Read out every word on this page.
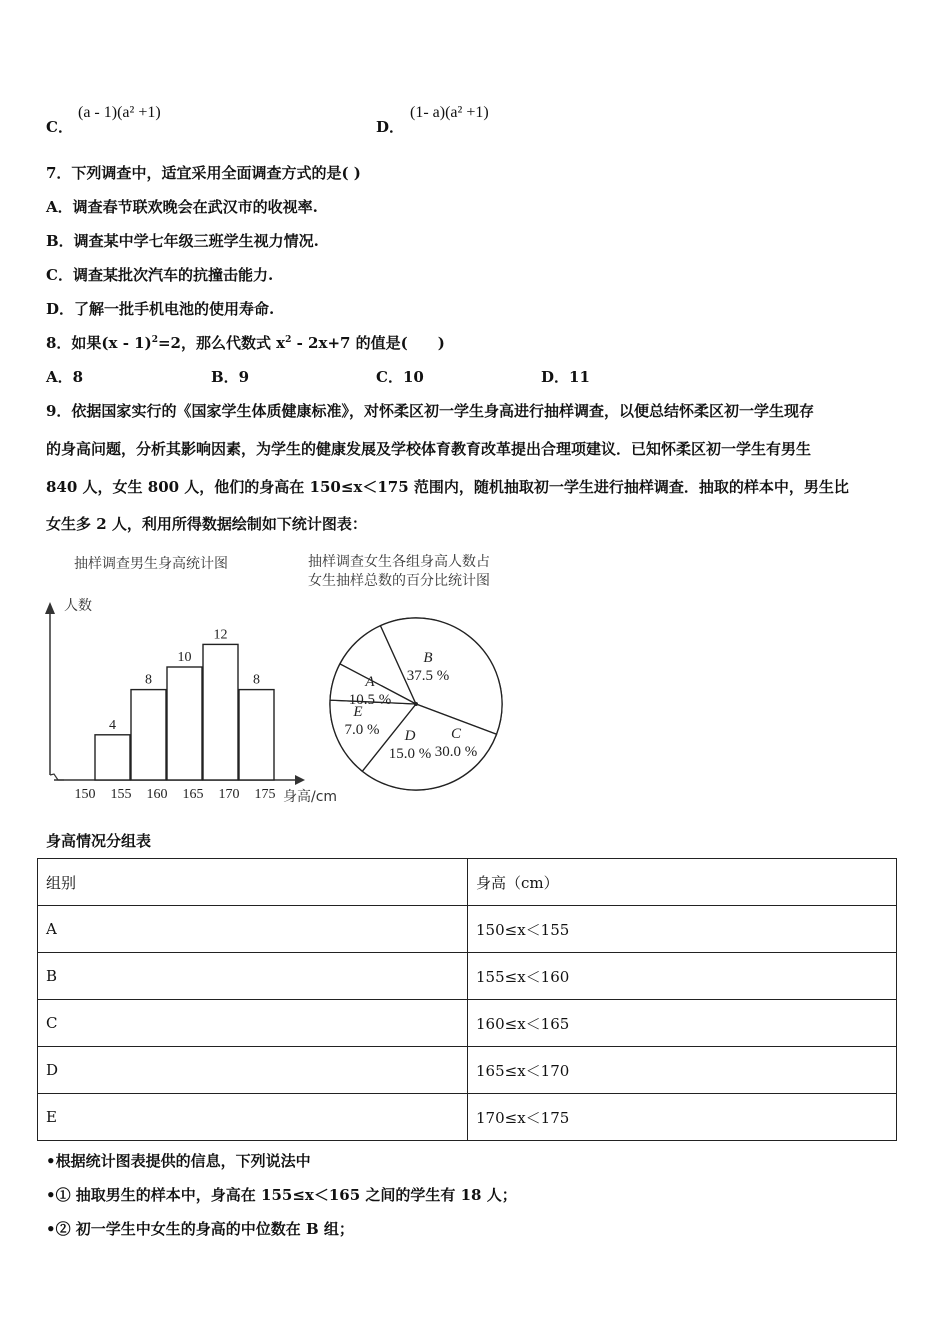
C．
(a - 1)(a² +1)
D．
(1- a)(a² +1)
7．下列调查中，适宜采用全面调查方式的是( )
A．调查春节联欢晚会在武汉市的收视率.
B．调查某中学七年级三班学生视力情况.
C．调查某批次汽车的抗撞击能力.
D．了解一批手机电池的使用寿命.
8．如果(x - 1)$^2$=2，那么代数式 $x^2 - 2x+7$ 的值是(　　)
A．8	B．9	C．10	D．11
9．依据国家实行的《国家学生体质健康标准》，对怀柔区初一学生身高进行抽样调查，以便总结怀柔区初一学生现存
的身高问题，分析其影响因素，为学生的健康发展及学校体育教育改革提出合理项建议．已知怀柔区初一学生有男生
840 人，女生 800 人，他们的身高在 150≤x＜175 范围内，随机抽取初一学生进行抽样调查．抽取的样本中，男生比
女生多 2 人，利用所得数据绘制如下统计图表：
抽样调查男生身高统计图
人数
4
8
10
12
8
150 155 160 165 170 175 身高/cm
抽样调查女生各组身高人数占
女生抽样总数的百分比统计图
A
10.5 %
B
37.5 %
C
30.0 %
D
15.0 %
E
7.0 %
身高情况分组表
组别	身高（cm）
A	150≤x＜155
B	155≤x＜160
C	160≤x＜165
D	165≤x＜170
E	170≤x＜175
•根据统计图表提供的信息，下列说法中
•① 抽取男生的样本中，身高在 155≤x＜165 之间的学生有 18 人；
•② 初一学生中女生的身高的中位数在 B 组；
